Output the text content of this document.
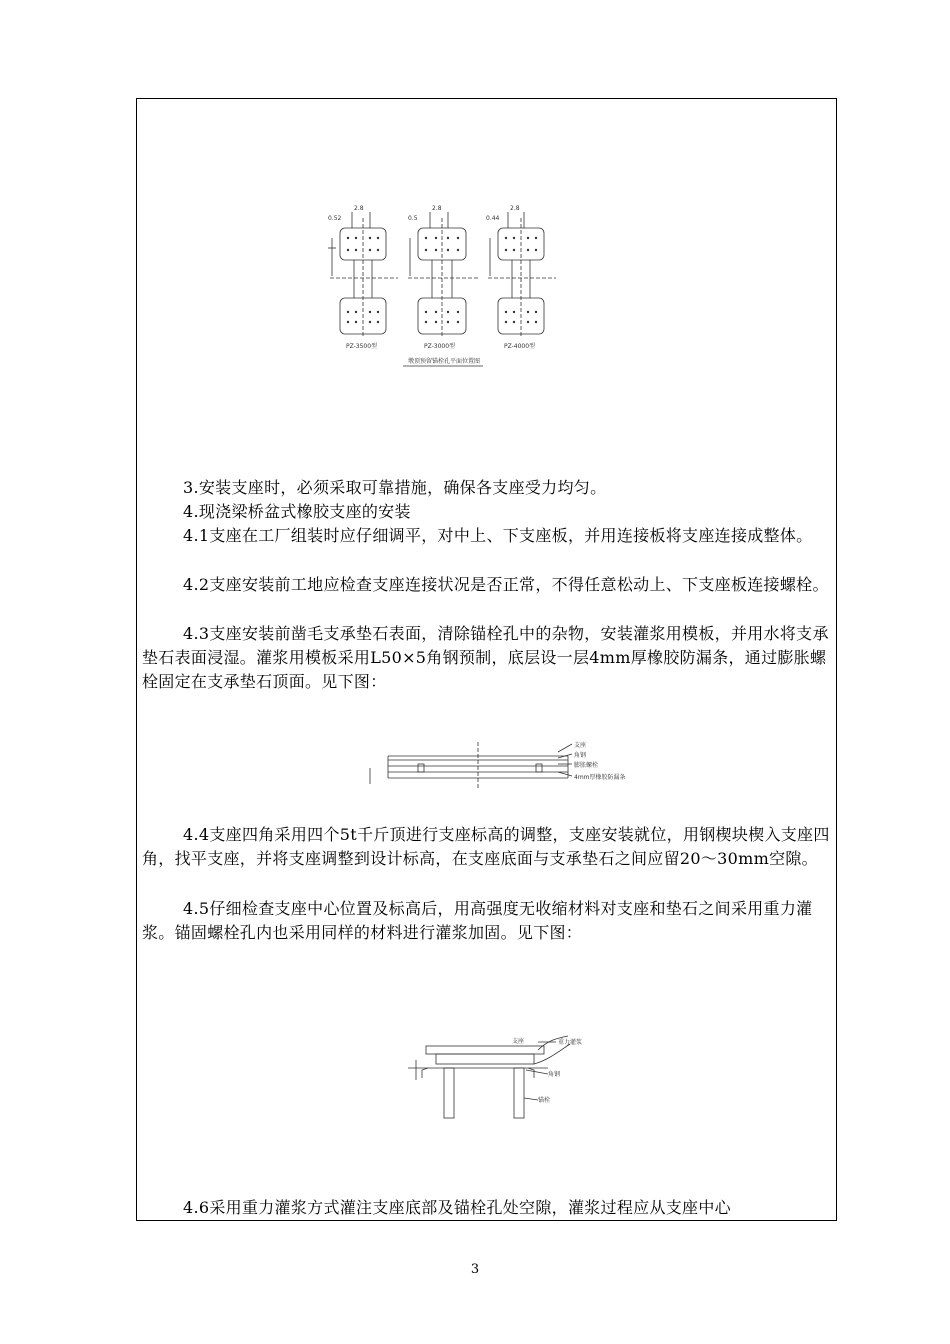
2.8	2.8	2.8
0.52	0.5	0.44
PZ-3500型	PZ-3000型	PZ-4000型
墩顶预留锚栓孔平面位置图

3.安装支座时，必须采取可靠措施，确保各支座受力均匀。

4.现浇梁桥盆式橡胶支座的安装

4.1支座在工厂组装时应仔细调平，对中上、下支座板，并用连接板将支座连接成整体。

4.2支座安装前工地应检查支座连接状况是否正常，不得任意松动上、下支座板连接螺栓。

4.3支座安装前凿毛支承垫石表面，清除锚栓孔中的杂物，安装灌浆用模板，并用水将支承垫石表面浸湿。灌浆用模板采用L50×5角钢预制，底层设一层4mm厚橡胶防漏条，通过膨胀螺栓固定在支承垫石顶面。见下图：

支座
角钢
膨胀螺栓
4mm厚橡胶防漏条

4.4支座四角采用四个5t千斤顶进行支座标高的调整，支座安装就位，用钢楔块楔入支座四角，找平支座，并将支座调整到设计标高，在支座底面与支承垫石之间应留20～30mm空隙。

4.5仔细检查支座中心位置及标高后，用高强度无收缩材料对支座和垫石之间采用重力灌浆。锚固螺栓孔内也采用同样的材料进行灌浆加固。见下图：

支座	重力灌浆
角钢
锚栓

4.6采用重力灌浆方式灌注支座底部及锚栓孔处空隙，灌浆过程应从支座中心

3
